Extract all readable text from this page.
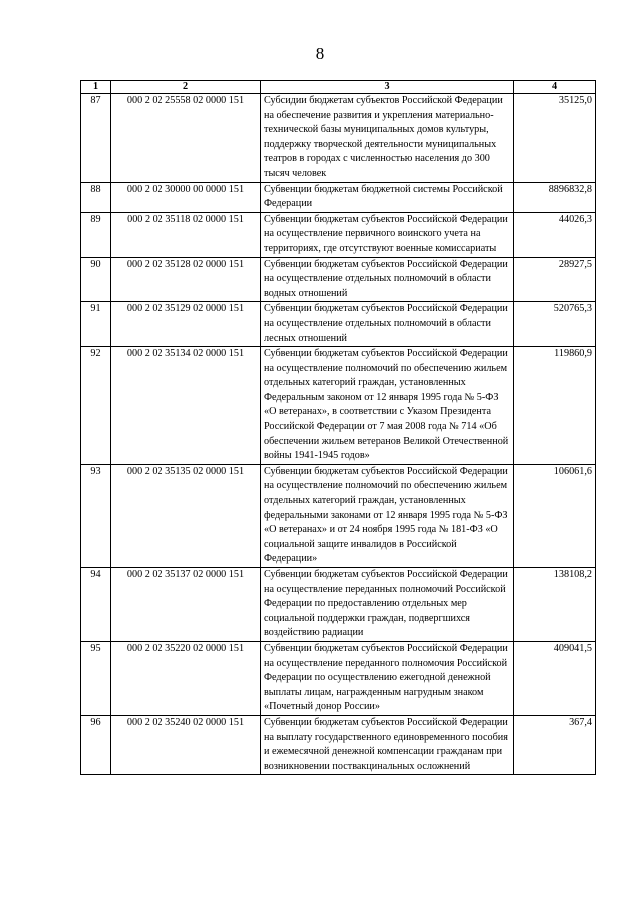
8
1	2	3	4
87	000 2 02 25558 02 0000 151	Субсидии бюджетам субъектов Российской Федерации на обеспечение развития и укрепления материально-технической базы муниципальных домов культуры, поддержку творческой деятельности муниципальных театров в городах с численностью населения до 300 тысяч человек	35125,0
88	000 2 02 30000 00 0000 151	Субвенции бюджетам бюджетной системы Российской Федерации	8896832,8
89	000 2 02 35118 02 0000 151	Субвенции бюджетам субъектов Российской Федерации на осуществление первичного воинского учета на территориях, где отсутствуют военные комиссариаты	44026,3
90	000 2 02 35128 02 0000 151	Субвенции бюджетам субъектов Российской Федерации на осуществление отдельных полномочий в области водных отношений	28927,5
91	000 2 02 35129 02 0000 151	Субвенции бюджетам субъектов Российской Федерации на осуществление отдельных полномочий в области лесных отношений	520765,3
92	000 2 02 35134 02 0000 151	Субвенции бюджетам субъектов Российской Федерации на осуществление полномочий по обеспечению жильем отдельных категорий граждан, установленных Федеральным законом от 12 января 1995 года № 5-ФЗ «О ветеранах», в соответствии с Указом Президента Российской Федерации от 7 мая 2008 года № 714 «Об обеспечении жильем ветеранов Великой Отечественной войны 1941-1945 годов»	119860,9
93	000 2 02 35135 02 0000 151	Субвенции бюджетам субъектов Российской Федерации на осуществление полномочий по обеспечению жильем отдельных категорий граждан, установленных федеральными законами от 12 января 1995 года № 5-ФЗ «О ветеранах» и от 24 ноября 1995 года № 181-ФЗ «О социальной защите инвалидов в Российской Федерации»	106061,6
94	000 2 02 35137 02 0000 151	Субвенции бюджетам субъектов Российской Федерации на осуществление переданных полномочий Российской Федерации по предоставлению отдельных мер социальной поддержки граждан, подвергшихся воздействию радиации	138108,2
95	000 2 02 35220 02 0000 151	Субвенции бюджетам субъектов Российской Федерации на осуществление переданного полномочия Российской Федерации по осуществлению ежегодной денежной выплаты лицам, награжденным нагрудным знаком «Почетный донор России»	409041,5
96	000 2 02 35240 02 0000 151	Субвенции бюджетам субъектов Российской Федерации на выплату государственного единовременного пособия и ежемесячной денежной компенсации гражданам при возникновении поствакцинальных осложнений	367,4
